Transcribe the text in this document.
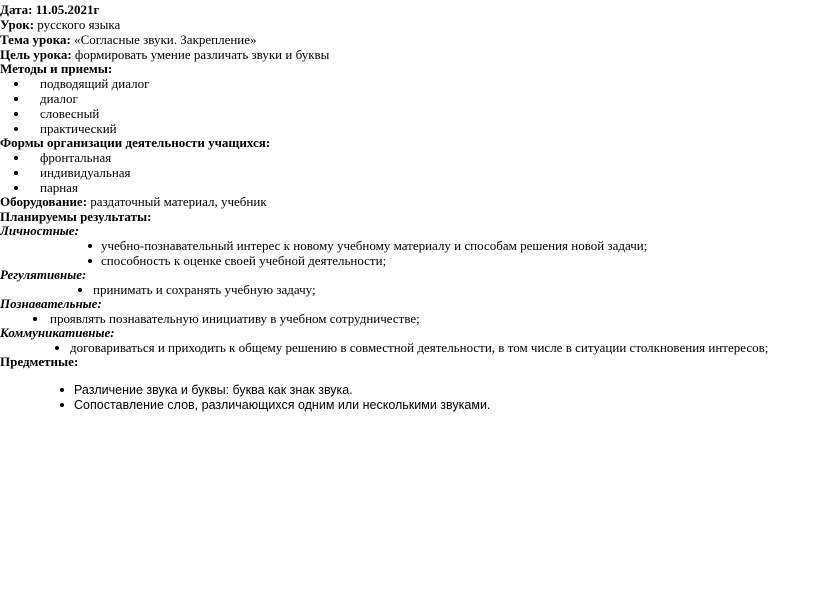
Дата: 11.05.2021г
Урок: русского языка
Тема урока: «Согласные звуки. Закрепление»
Цель урока: формировать умение различать звуки и буквы
Методы и приемы:
подводящий диалог
диалог
словесный
практический
Формы организации деятельности учащихся:
фронтальная
индивидуальная
парная
Оборудование: раздаточный материал, учебник
Планируемы результаты:
Личностные:
учебно-познавательный интерес к новому учебному материалу и способам решения новой задачи;
способность к оценке своей учебной деятельности;
Регулятивные:
принимать и сохранять учебную задачу;
Познавательные:
проявлять познавательную инициативу в учебном сотрудничестве;
Коммуникативные:
договариваться и приходить к общему решению в совместной деятельности, в том числе в ситуации столкновения интересов;
Предметные:
Различение звука и буквы: буква как знак звука.
Сопоставление слов, различающихся одним или несколькими звуками.
